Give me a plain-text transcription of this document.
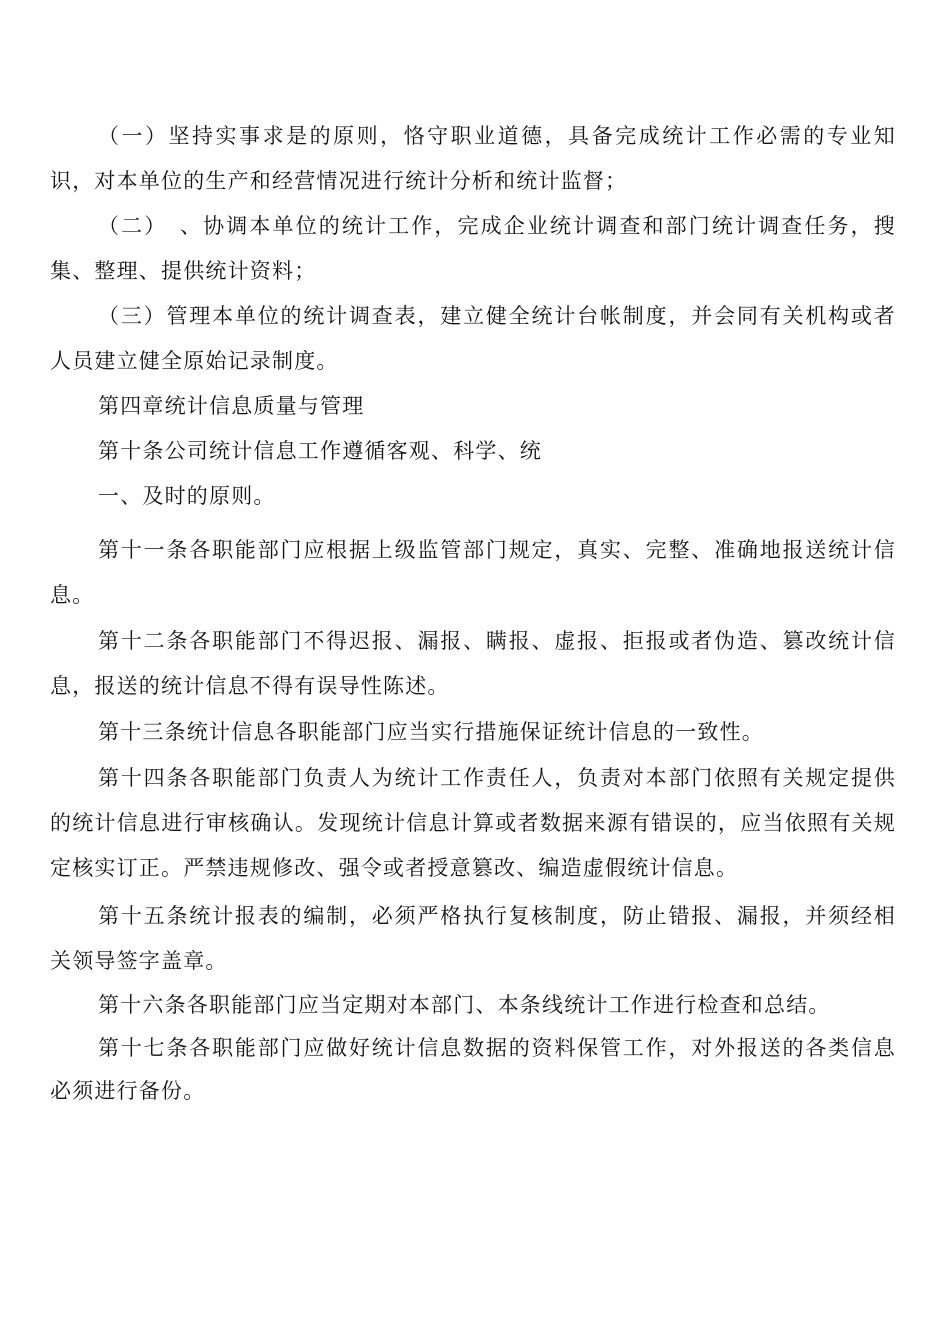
（一）坚持实事求是的原则，恪守职业道德，具备完成统计工作必需的专业知识，对本单位的生产和经营情况进行统计分析和统计监督；

（二）　、协调本单位的统计工作，完成企业统计调查和部门统计调查任务，搜集、整理、提供统计资料；

（三）管理本单位的统计调查表，建立健全统计台帐制度，并会同有关机构或者人员建立健全原始记录制度。

第四章统计信息质量与管理

第十条公司统计信息工作遵循客观、科学、统

一、及时的原则。

第十一条各职能部门应根据上级监管部门规定，真实、完整、准确地报送统计信息。

第十二条各职能部门不得迟报、漏报、瞒报、虚报、拒报或者伪造、篡改统计信息，报送的统计信息不得有误导性陈述。

第十三条统计信息各职能部门应当实行措施保证统计信息的一致性。

第十四条各职能部门负责人为统计工作责任人，负责对本部门依照有关规定提供的统计信息进行审核确认。发现统计信息计算或者数据来源有错误的，应当依照有关规定核实订正。严禁违规修改、强令或者授意篡改、编造虚假统计信息。

第十五条统计报表的编制，必须严格执行复核制度，防止错报、漏报，并须经相关领导签字盖章。

第十六条各职能部门应当定期对本部门、本条线统计工作进行检查和总结。

第十七条各职能部门应做好统计信息数据的资料保管工作，对外报送的各类信息必须进行备份。
